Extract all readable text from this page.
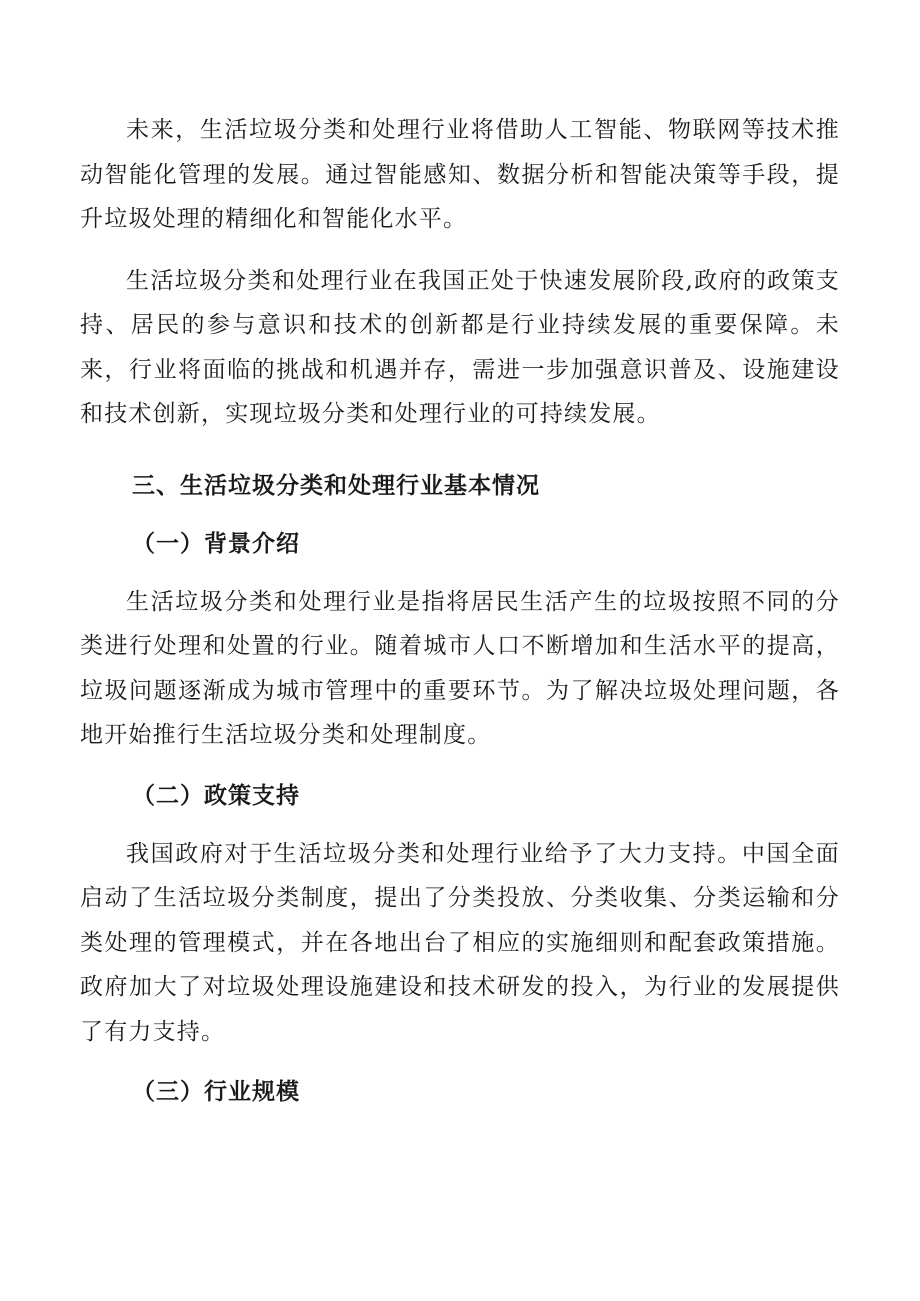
未来，生活垃圾分类和处理行业将借助人工智能、物联网等技术推动智能化管理的发展。通过智能感知、数据分析和智能决策等手段，提升垃圾处理的精细化和智能化水平。

生活垃圾分类和处理行业在我国正处于快速发展阶段,政府的政策支持、居民的参与意识和技术的创新都是行业持续发展的重要保障。未来，行业将面临的挑战和机遇并存，需进一步加强意识普及、设施建设和技术创新，实现垃圾分类和处理行业的可持续发展。

三、生活垃圾分类和处理行业基本情况
（一）背景介绍

生活垃圾分类和处理行业是指将居民生活产生的垃圾按照不同的分类进行处理和处置的行业。随着城市人口不断增加和生活水平的提高，垃圾问题逐渐成为城市管理中的重要环节。为了解决垃圾处理问题，各地开始推行生活垃圾分类和处理制度。

（二）政策支持

我国政府对于生活垃圾分类和处理行业给予了大力支持。中国全面启动了生活垃圾分类制度，提出了分类投放、分类收集、分类运输和分类处理的管理模式，并在各地出台了相应的实施细则和配套政策措施。政府加大了对垃圾处理设施建设和技术研发的投入，为行业的发展提供了有力支持。

（三）行业规模
